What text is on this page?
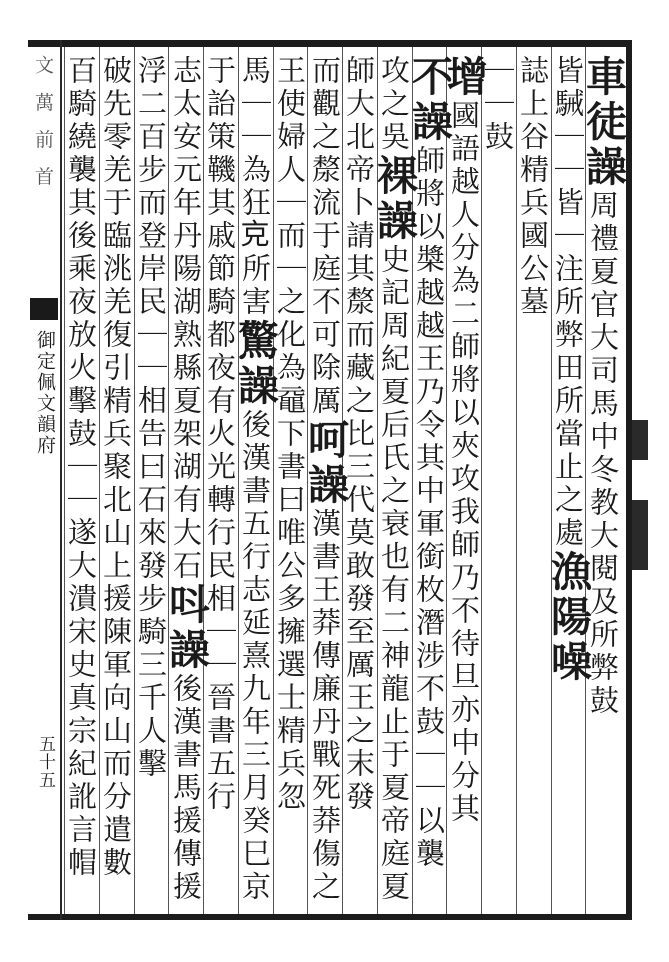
文 萬 前 首
御定佩文韻府
五十五
車徒譟周禮夏官大司馬中冬教大閱及所弊鼓
皆駴｜｜皆｜注所弊田所當止之處漁陽噪
誌上谷精兵國公墓
｜｜鼓
增國語越人分為二師將以夾攻我師乃不待旦亦中分其
不譟師將以槳越越王乃令其中軍銜枚潛涉不鼓｜｜以襲
攻之吳裸譟史記周紀夏后氏之衰也有二神龍止于夏帝庭夏
師大北帝卜請其漦而藏之比三代莫敢發至厲王之末發
而觀之漦流于庭不可除厲呵譟漢書王莽傳廉丹戰死莽傷之
王使婦人｜而｜之化為黿下書曰唯公多擁選士精兵忽
馬｜｜為狂𠑽所害驚譟後漢書五行志延熹九年三月癸巳京
于詒策鞿其戚節騎都夜有火光轉行民相｜｜晉書五行
志太安元年丹陽湖熟縣夏架湖有大石呌譟後漢書馬援傳援
浮二百步而登岸民｜｜相告曰石來發步騎三千人擊
破先零羌于臨洮羌復引精兵聚北山上援陳軍向山而分遣數
百騎繞襲其後乘夜放火擊鼓｜｜遂大潰宋史真宗紀訛言帽
